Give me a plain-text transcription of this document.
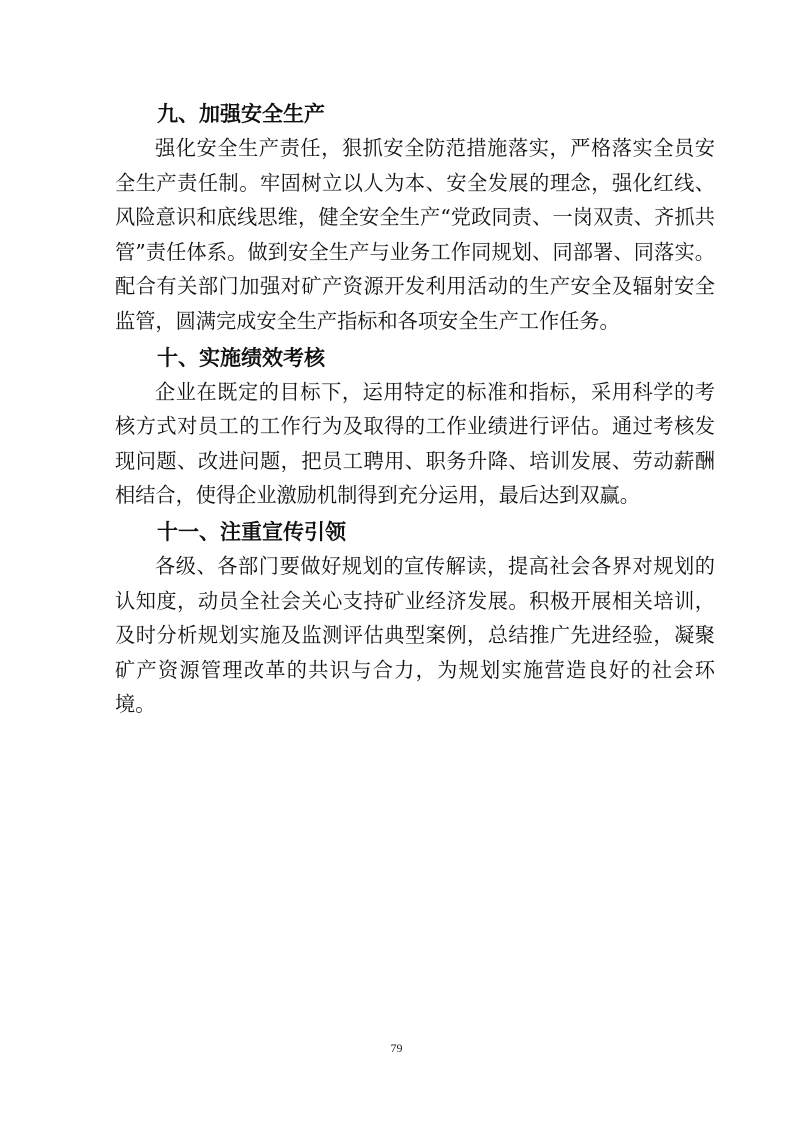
九、加强安全生产

强化安全生产责任，狠抓安全防范措施落实，严格落实全员安全生产责任制。牢固树立以人为本、安全发展的理念，强化红线、风险意识和底线思维，健全安全生产“党政同责、一岗双责、齐抓共管”责任体系。做到安全生产与业务工作同规划、同部署、同落实。配合有关部门加强对矿产资源开发利用活动的生产安全及辐射安全监管，圆满完成安全生产指标和各项安全生产工作任务。

十、实施绩效考核

企业在既定的目标下，运用特定的标准和指标，采用科学的考核方式对员工的工作行为及取得的工作业绩进行评估。通过考核发现问题、改进问题，把员工聘用、职务升降、培训发展、劳动薪酬相结合，使得企业激励机制得到充分运用，最后达到双赢。

十一、注重宣传引领

各级、各部门要做好规划的宣传解读，提高社会各界对规划的认知度，动员全社会关心支持矿业经济发展。积极开展相关培训，及时分析规划实施及监测评估典型案例，总结推广先进经验，凝聚矿产资源管理改革的共识与合力，为规划实施营造良好的社会环境。

79
